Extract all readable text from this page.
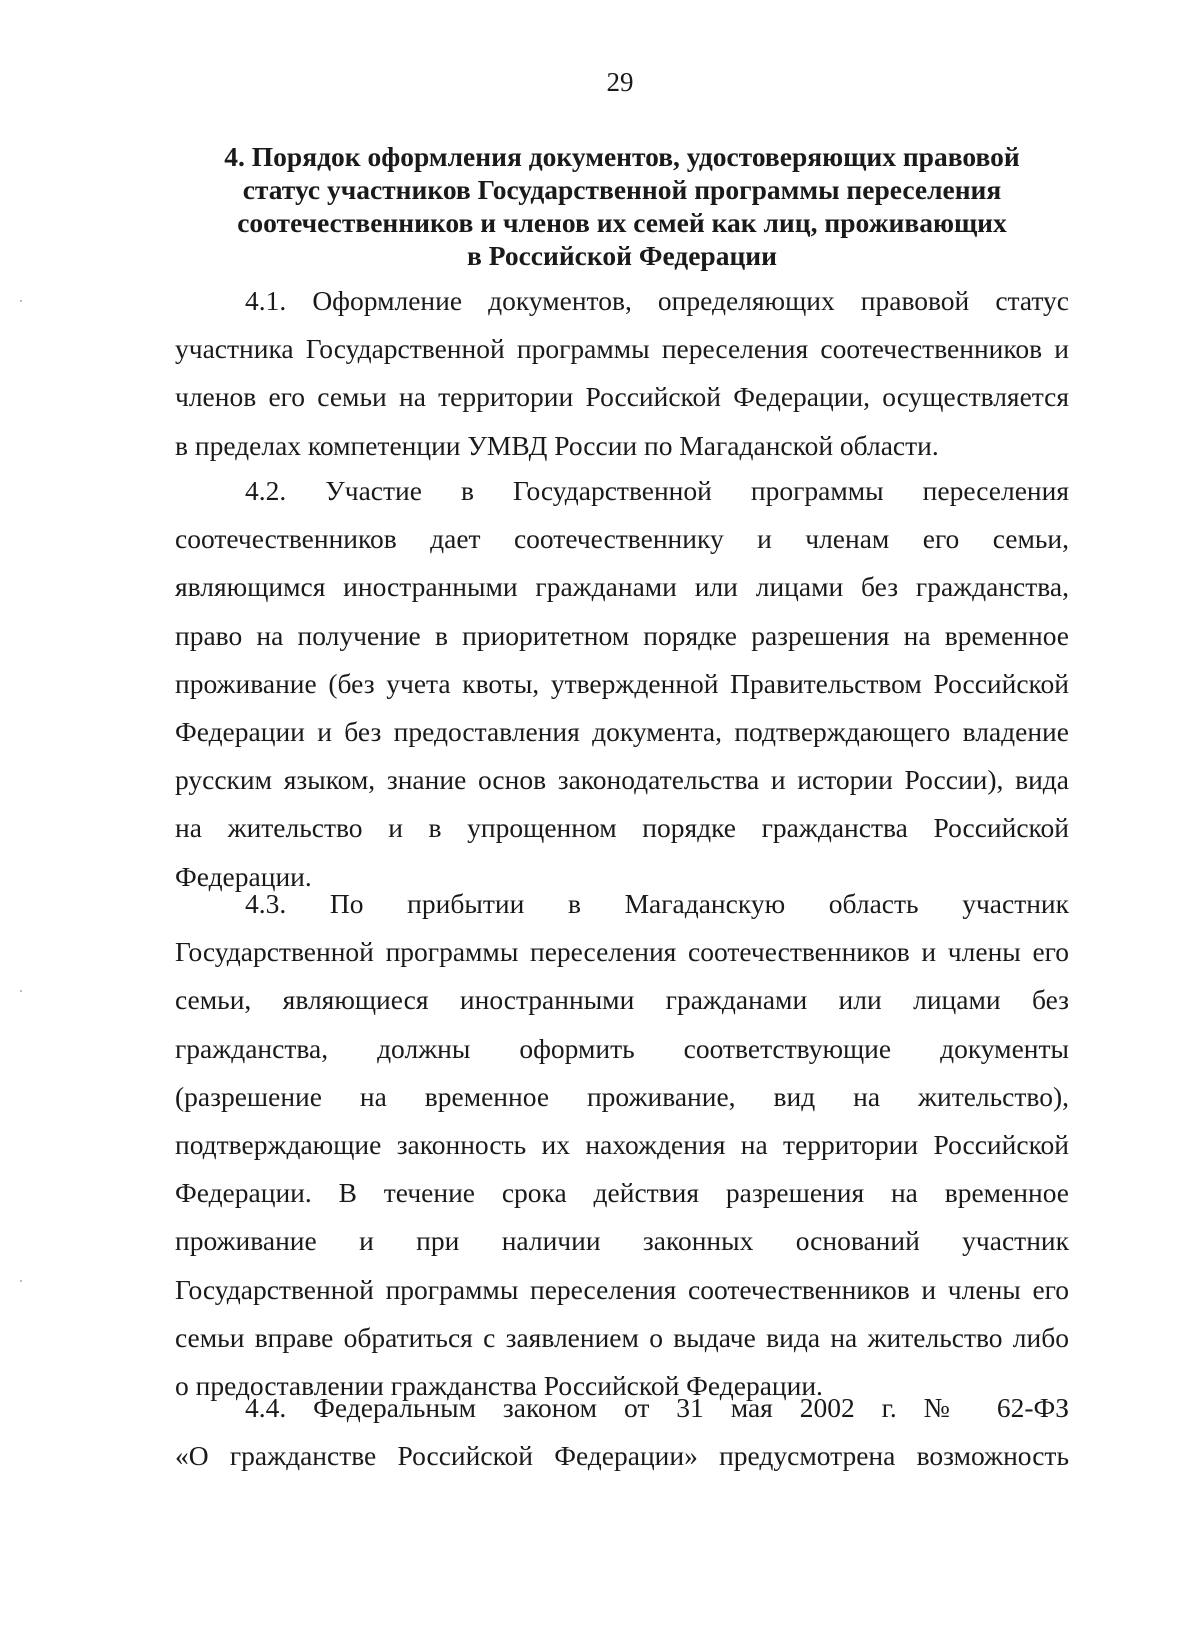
29
4. Порядок оформления документов, удостоверяющих правовой
статус участников Государственной программы переселения
соотечественников и членов их семей как лиц, проживающих
в Российской Федерации
4.1. Оформление документов, определяющих правовой статус
участника Государственной программы переселения соотечественников и
членов его семьи на территории Российской Федерации, осуществляется
в пределах компетенции УМВД России по Магаданской области.
4.2. Участие в Государственной программы переселения
соотечественников дает соотечественнику и членам его семьи,
являющимся иностранными гражданами или лицами без гражданства,
право на получение в приоритетном порядке разрешения на временное
проживание (без учета квоты, утвержденной Правительством Российской
Федерации и без предоставления документа, подтверждающего владение
русским языком, знание основ законодательства и истории России), вида
на жительство и в упрощенном порядке гражданства Российской
Федерации.
4.3. По прибытии в Магаданскую область участник
Государственной программы переселения соотечественников и члены его
семьи, являющиеся иностранными гражданами или лицами без
гражданства, должны оформить соответствующие документы
(разрешение на временное проживание, вид на жительство),
подтверждающие законность их нахождения на территории Российской
Федерации. В течение срока действия разрешения на временное
проживание и при наличии законных оснований участник
Государственной программы переселения соотечественников и члены его
семьи вправе обратиться с заявлением о выдаче вида на жительство либо
о предоставлении гражданства Российской Федерации.
4.4. Федеральным законом от 31 мая 2002 г. № 62-ФЗ
«О гражданстве Российской Федерации» предусмотрена возможность
